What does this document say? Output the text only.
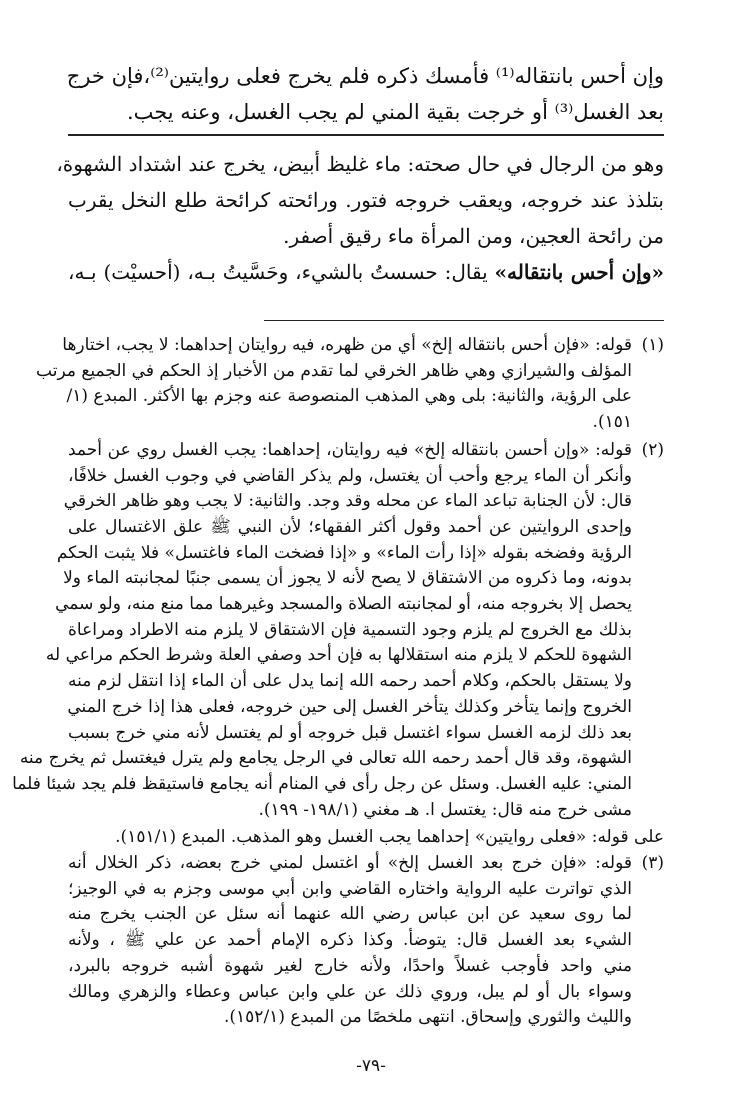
وإن أحس بانتقاله⁽¹⁾ فأمسك ذكره فلم يخرج فعلى روايتين⁽²⁾،فإن خرج
بعد الغسل⁽³⁾ أو خرجت بقية المني لم يجب الغسل، وعنه يجب.
وهو من الرجال في حال صحته: ماء غليظ أبيض، يخرج عند اشتداد الشهوة،
بتلذذ عند خروجه، ويعقب خروجه فتور. ورائحته كرائحة طلع النخل يقرب
من رائحة العجين، ومن المرأة ماء رقيق أصفر.
«وإن أحس بانتقاله» يقال: حسستُ بالشيء، وحَسَّيتُ بـه، (أحسيْت) بـه،
(١)
قوله: «فإن أحس بانتقاله إلخ» أي من ظهره، فيه روايتان إحداهما: لا يجب، اختارها
المؤلف والشيرازي وهي ظاهر الخرقي لما تقدم من الأخبار إذ الحكم في الجميع مرتب
على الرؤية، والثانية: بلى وهي المذهب المنصوصة عنه وجزم بها الأكثر. المبدع (١/
١٥١).
(٢)
قوله: «وإن أحسن بانتقاله إلخ» فيه روايتان، إحداهما: يجب الغسل روي عن أحمد
وأنكر أن الماء يرجع وأحب أن يغتسل، ولم يذكر القاضي في وجوب الغسل خلافًا،
قال: لأن الجنابة تباعد الماء عن محله وقد وجد. والثانية: لا يجب وهو ظاهر الخرقي
وإحدى الروايتين عن أحمد وقول أكثر الفقهاء؛ لأن النبي ﷺ علق الاغتسال على
الرؤية وفضخه بقوله «إذا رأت الماء» و «إذا فضخت الماء فاغتسل» فلا يثبت الحكم
بدونه، وما ذكروه من الاشتقاق لا يصح لأنه لا يجوز أن يسمى جنبًا لمجانبته الماء ولا
يحصل إلا بخروجه منه، أو لمجانبته الصلاة والمسجد وغيرهما مما منع منه، ولو سمي
بذلك مع الخروج لم يلزم وجود التسمية فإن الاشتقاق لا يلزم منه الاطراد ومراعاة
الشهوة للحكم لا يلزم منه استقلالها به فإن أحد وصفي العلة وشرط الحكم مراعي له
ولا يستقل بالحكم، وكلام أحمد رحمه الله إنما يدل على أن الماء إذا انتقل لزم منه
الخروج وإنما يتأخر وكذلك يتأخر الغسل إلى حين خروجه، فعلى هذا إذا خرج المني
بعد ذلك لزمه الغسل سواء اغتسل قبل خروجه أو لم يغتسل لأنه مني خرج بسبب
الشهوة، وقد قال أحمد رحمه الله تعالى في الرجل يجامع ولم يترل فيغتسل ثم يخرج منه
المني: عليه الغسل. وسئل عن رجل رأى في المنام أنه يجامع فاستيقظ فلم يجد شيئا فلما
مشى خرج منه قال: يغتسل ا. هـ مغني (١٩٨/١- ١٩٩).
على قوله: «فعلى روايتين» إحداهما يجب الغسل وهو المذهب. المبدع (١٥١/١).
(٣)
قوله: «فإن خرج بعد الغسل إلخ» أو اغتسل لمني خرج بعضه، ذكر الخلال أنه
الذي تواترت عليه الرواية واختاره القاضي وابن أبي موسى وجزم به في الوجيز؛
لما روى سعيد عن ابن عباس رضي الله عنهما أنه سئل عن الجنب يخرج منه
الشيء بعد الغسل قال: يتوضأ. وكذا ذكره الإمام أحمد عن علي ﷺ ، ولأنه
مني واحد فأوجب غسلاً واحدًا، ولأنه خارج لغير شهوة أشبه خروجه بالبرد،
وسواء بال أو لم يبل، وروي ذلك عن علي وابن عباس وعطاء والزهري ومالك
والليث والثوري وإسحاق. انتهى ملخصًا من المبدع (١٥٢/١).
-٧٩-
